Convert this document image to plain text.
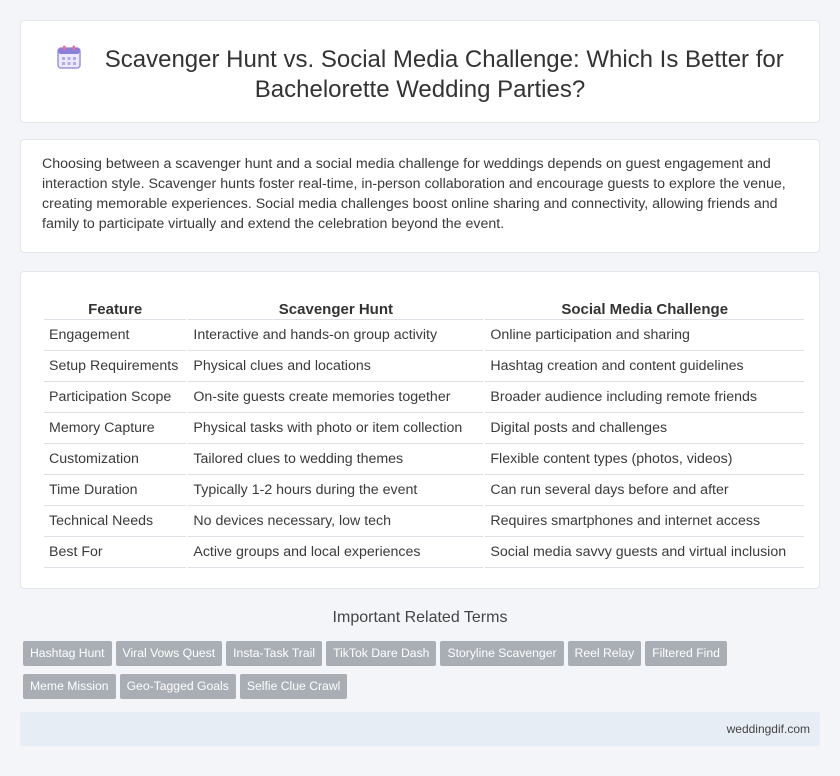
Scavenger Hunt vs. Social Media Challenge: Which Is Better for Bachelorette Wedding Parties?

Choosing between a scavenger hunt and a social media challenge for weddings depends on guest engagement and interaction style. Scavenger hunts foster real-time, in-person collaboration and encourage guests to explore the venue, creating memorable experiences. Social media challenges boost online sharing and connectivity, allowing friends and family to participate virtually and extend the celebration beyond the event.

Feature	Scavenger Hunt	Social Media Challenge
Engagement	Interactive and hands-on group activity	Online participation and sharing
Setup Requirements	Physical clues and locations	Hashtag creation and content guidelines
Participation Scope	On-site guests create memories together	Broader audience including remote friends
Memory Capture	Physical tasks with photo or item collection	Digital posts and challenges
Customization	Tailored clues to wedding themes	Flexible content types (photos, videos)
Time Duration	Typically 1-2 hours during the event	Can run several days before and after
Technical Needs	No devices necessary, low tech	Requires smartphones and internet access
Best For	Active groups and local experiences	Social media savvy guests and virtual inclusion
Important Related Terms
Hashtag Hunt Viral Vows Quest Insta-Task Trail TikTok Dare Dash Storyline Scavenger Reel Relay Filtered Find
Meme Mission Geo-Tagged Goals Selfie Clue Crawl
weddingdif.com
